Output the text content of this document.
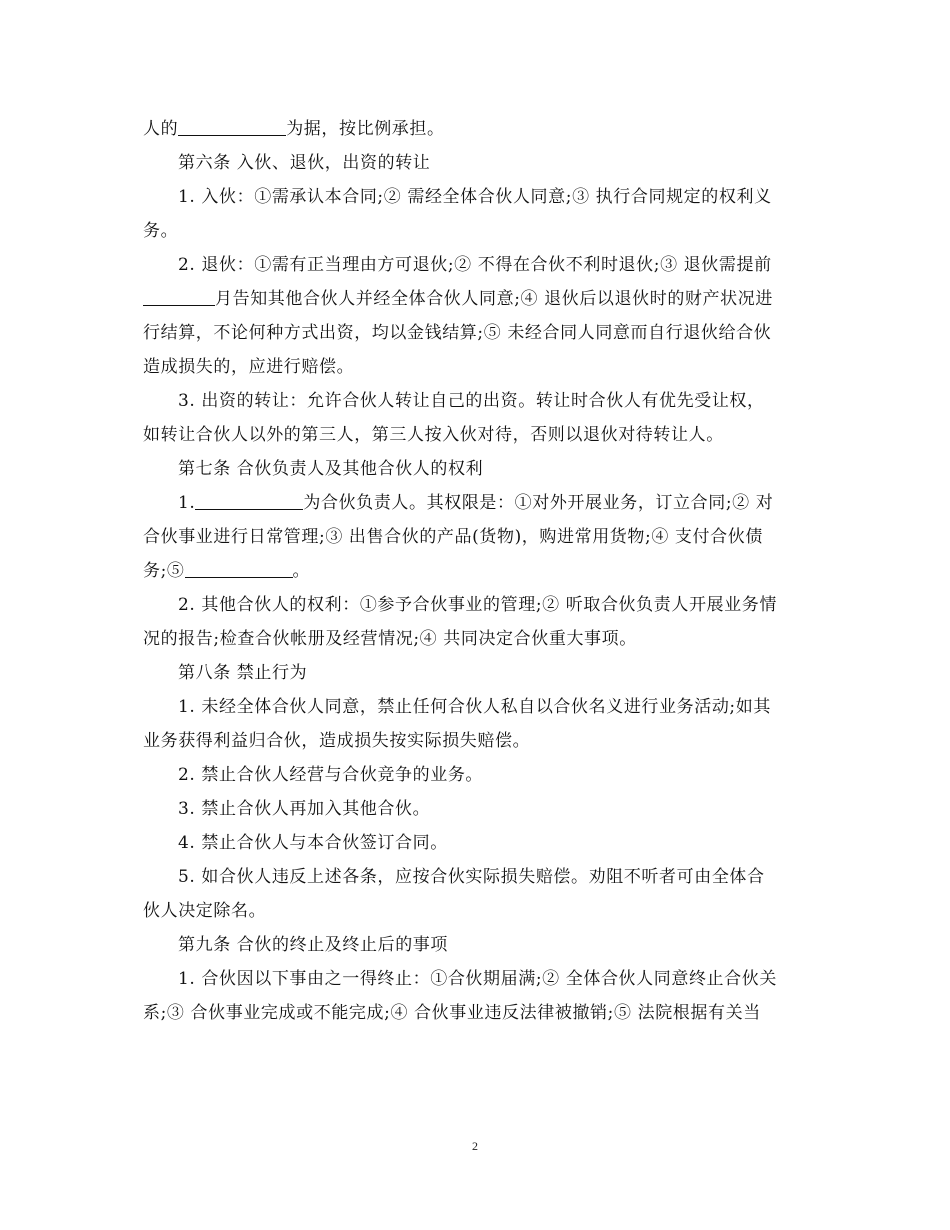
人的	为据，按比例承担。
第六条 入伙、退伙，出资的转让
1. 入伙：①需承认本合同;② 需经全体合伙人同意;③ 执行合同规定的权利义
务。
2. 退伙：①需有正当理由方可退伙;② 不得在合伙不利时退伙;③ 退伙需提前
月告知其他合伙人并经全体合伙人同意;④ 退伙后以退伙时的财产状况进
行结算，不论何种方式出资，均以金钱结算;⑤ 未经合同人同意而自行退伙给合伙
造成损失的，应进行赔偿。
3. 出资的转让：允许合伙人转让自己的出资。转让时合伙人有优先受让权，
如转让合伙人以外的第三人，第三人按入伙对待，否则以退伙对待转让人。
第七条 合伙负责人及其他合伙人的权利
1.	为合伙负责人。其权限是：①对外开展业务，订立合同;② 对
合伙事业进行日常管理;③ 出售合伙的产品(货物)，购进常用货物;④ 支付合伙债
务;⑤	。
2. 其他合伙人的权利：①参予合伙事业的管理;② 听取合伙负责人开展业务情
况的报告;检查合伙帐册及经营情况;④ 共同决定合伙重大事项。
第八条 禁止行为
1. 未经全体合伙人同意，禁止任何合伙人私自以合伙名义进行业务活动;如其
业务获得利益归合伙，造成损失按实际损失赔偿。
2. 禁止合伙人经营与合伙竞争的业务。
3. 禁止合伙人再加入其他合伙。
4. 禁止合伙人与本合伙签订合同。
5. 如合伙人违反上述各条，应按合伙实际损失赔偿。劝阻不听者可由全体合
伙人决定除名。
第九条 合伙的终止及终止后的事项
1. 合伙因以下事由之一得终止：①合伙期届满;② 全体合伙人同意终止合伙关
系;③ 合伙事业完成或不能完成;④ 合伙事业违反法律被撤销;⑤ 法院根据有关当
2
